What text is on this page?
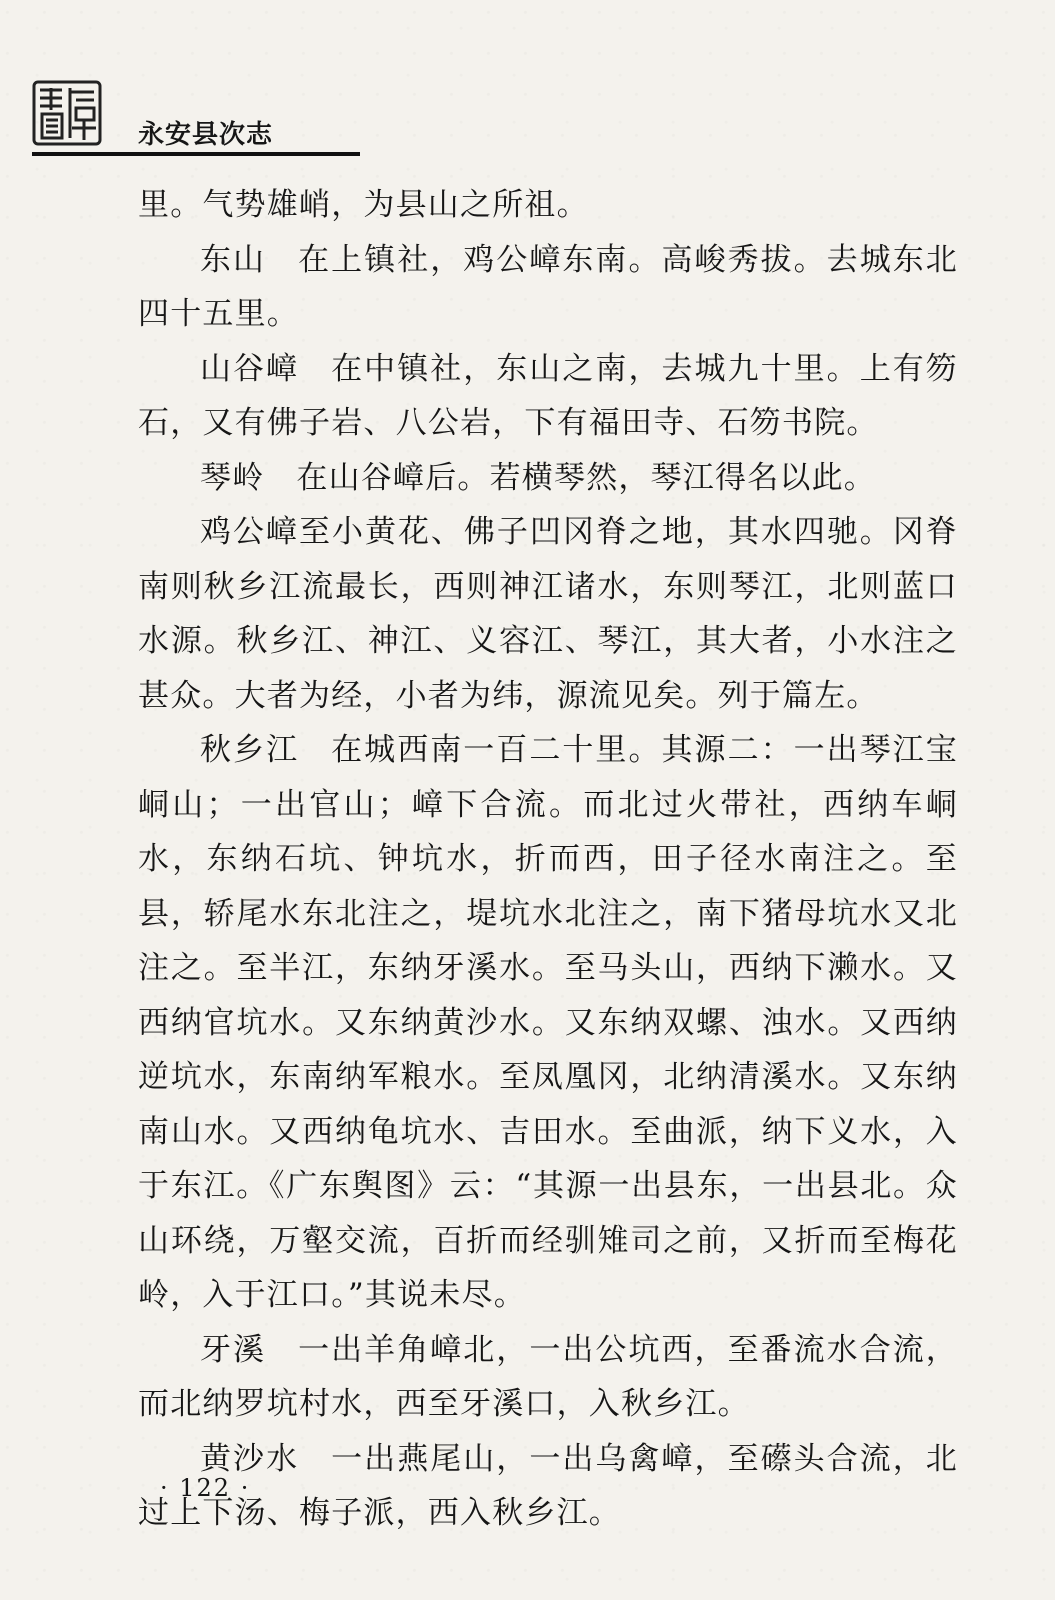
永安县次志

里。气势雄峭，为县山之所祖。

东山 在上镇社，鸡公嶂东南。高峻秀拔。去城东北四十五里。

山谷嶂 在中镇社，东山之南，去城九十里。上有笏石，又有佛子岩、八公岩，下有福田寺、石笏书院。

琴岭 在山谷嶂后。若横琴然，琴江得名以此。

鸡公嶂至小黄花、佛子凹冈脊之地，其水四驰。冈脊南则秋乡江流最长，西则神江诸水，东则琴江，北则蓝口水源。秋乡江、神江、义容江、琴江，其大者，小水注之甚众。大者为经，小者为纬，源流见矣。列于篇左。

秋乡江 在城西南一百二十里。其源二：一出琴江宝峒山；一出官山；嶂下合流。而北过火带社，西纳车峒水，东纳石坑、钟坑水，折而西，田子径水南注之。至县，轿尾水东北注之，堤坑水北注之，南下猪母坑水又北注之。至半江，东纳牙溪水。至马头山，西纳下濑水。又西纳官坑水。又东纳黄沙水。又东纳双螺、浊水。又西纳逆坑水，东南纳军粮水。至凤凰冈，北纳清溪水。又东纳南山水。又西纳龟坑水、吉田水。至曲派，纳下义水，入于东江。《广东舆图》云：“其源一出县东，一出县北。众山环绕，万壑交流，百折而经驯雉司之前，又折而至梅花岭，入于江口。”其说未尽。

牙溪 一出羊角嶂北，一出公坑西，至番流水合流，而北纳罗坑村水，西至牙溪口，入秋乡江。

黄沙水 一出燕尾山，一出乌禽嶂，至礤头合流，北过上下汤、梅子派，西入秋乡江。

· 122 ·
